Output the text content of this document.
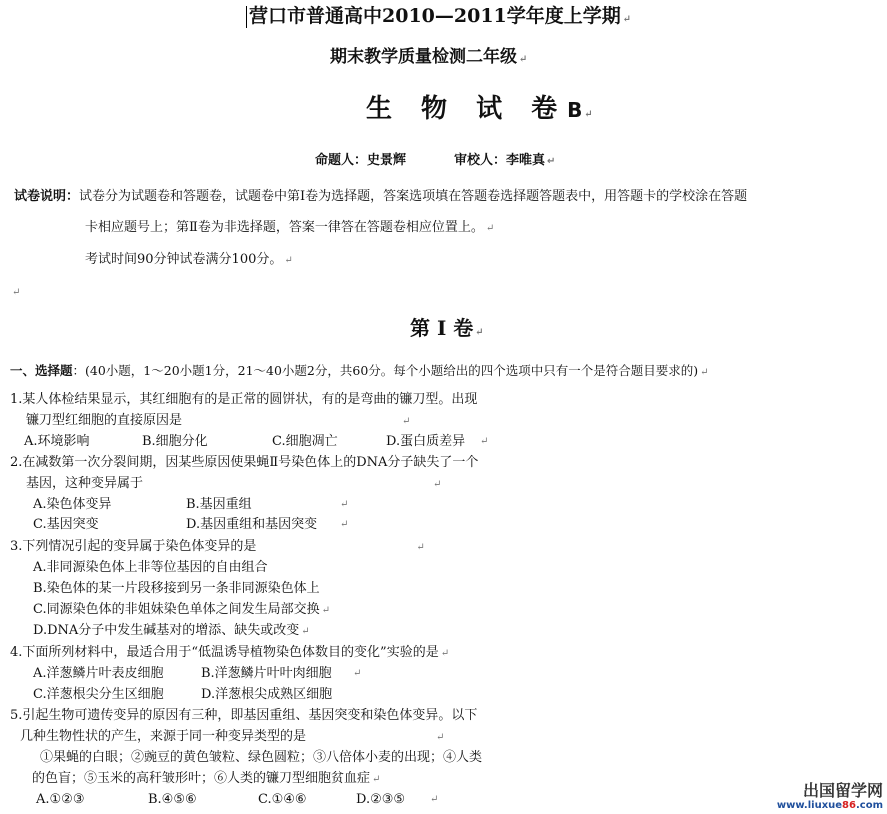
营口市普通高中2010—2011学年度上学期 ↵
期末教学质量检测二年级 ↵
生 物 试 卷B ↵
命题人：史景辉	审校人：李唯真 ↵
试卷说明：试卷分为试题卷和答题卷，试题卷中第Ⅰ卷为选择题，答案选项填在答题卷选择题答题表中，用答题卡的学校涂在答题
卡相应题号上；第Ⅱ卷为非选择题，答案一律答在答题卷相应位置上。 ↵
考试时间90分钟试卷满分100分。 ↵
↵
第 I 卷 ↵
一、选择题：(40小题，1～20小题1分，21～40小题2分，共60分。每个小题给出的四个选项中只有一个是符合题目要求的) ↵
1.某人体检结果显示，其红细胞有的是正常的圆饼状，有的是弯曲的镰刀型。出现
镰刀型红细胞的直接原因是	↵
A.环境影响	B.细胞分化	C.细胞凋亡	D.蛋白质差异 ↵
2.在减数第一次分裂间期，因某些原因使果蝇Ⅱ号染色体上的DNA分子缺失了一个
基因，这种变异属于	↵
A.染色体变异	B.基因重组	↵
C.基因突变	D.基因重组和基因突变 ↵
3.下列情况引起的变异属于染色体变异的是	↵
A.非同源染色体上非等位基因的自由组合
B.染色体的某一片段移接到另一条非同源染色体上
C.同源染色体的非姐妹染色单体之间发生局部交换 ↵
D.DNA分子中发生碱基对的增添、缺失或改变 ↵
4.下面所列材料中，最适合用于“低温诱导植物染色体数目的变化”实验的是 ↵
A.洋葱鳞片叶表皮细胞	B.洋葱鳞片叶叶肉细胞 ↵
C.洋葱根尖分生区细胞	D.洋葱根尖成熟区细胞
5.引起生物可遗传变异的原因有三种，即基因重组、基因突变和染色体变异。以下
几种生物性状的产生，来源于同一种变异类型的是	↵
①果蝇的白眼；②豌豆的黄色皱粒、绿色圆粒；③八倍体小麦的出现；④人类
的色盲；⑤玉米的高秆皱形叶；⑥人类的镰刀型细胞贫血症 ↵
A.①②③	B.④⑤⑥	C.①④⑥	D.②③⑤ ↵	出国留学网
www.liuxue86.com
